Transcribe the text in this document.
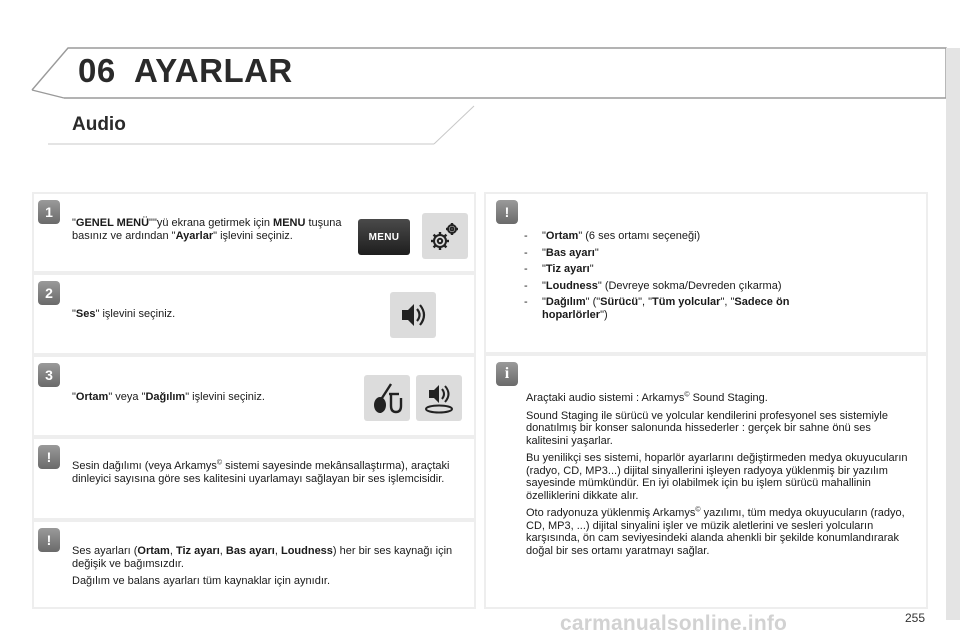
06 AYARLAR
Audio
1
"GENEL MENÜ""yü ekrana getirmek için MENU tuşuna basınız ve ardından "Ayarlar" işlevini seçiniz.	MENU
2
"Ses" işlevini seçiniz.
3
"Ortam" veya "Dağılım" işlevini seçiniz.
!
Sesin dağılımı (veya Arkamys© sistemi sayesinde mekânsallaştırma), araçtaki dinleyici sayısına göre ses kalitesini uyarlamayı sağlayan bir ses işlemcisidir.
!

Ses ayarları (Ortam, Tiz ayarı, Bas ayarı, Loudness) her bir ses kaynağı için değişik ve bağımsızdır.

Dağılım ve balans ayarları tüm kaynaklar için aynıdır.

!
- "Ortam" (6 ses ortamı seçeneği)
- "Bas ayarı"
- "Tiz ayarı"
- "Loudness" (Devreye sokma/Devreden çıkarma)
- "Dağılım" ("Sürücü", "Tüm yolcular", "Sadece ön hoparlörler")
i

Araçtaki audio sistemi : Arkamys© Sound Staging.

Sound Staging ile sürücü ve yolcular kendilerini profesyonel ses sistemiyle donatılmış bir konser salonunda hissederler : gerçek bir sahne önü ses kalitesini yaşarlar.

Bu yenilikçi ses sistemi, hoparlör ayarlarını değiştirmeden medya okuyucuların (radyo, CD, MP3...) dijital sinyallerini işleyen radyoya yüklenmiş bir yazılım sayesinde mümkündür. En iyi olabilmek için bu işlem sürücü mahallinin özelliklerini dikkate alır.

Oto radyonuza yüklenmiş Arkamys© yazılımı, tüm medya okuyucuların (radyo, CD, MP3, ...) dijital sinyalini işler ve müzik aletlerini ve sesleri yolcuların karşısında, ön cam seviyesindeki alanda ahenkli bir şekilde konumlandırarak doğal bir ses ortamı yaratmayı sağlar.

carmanualsonline.info	255
